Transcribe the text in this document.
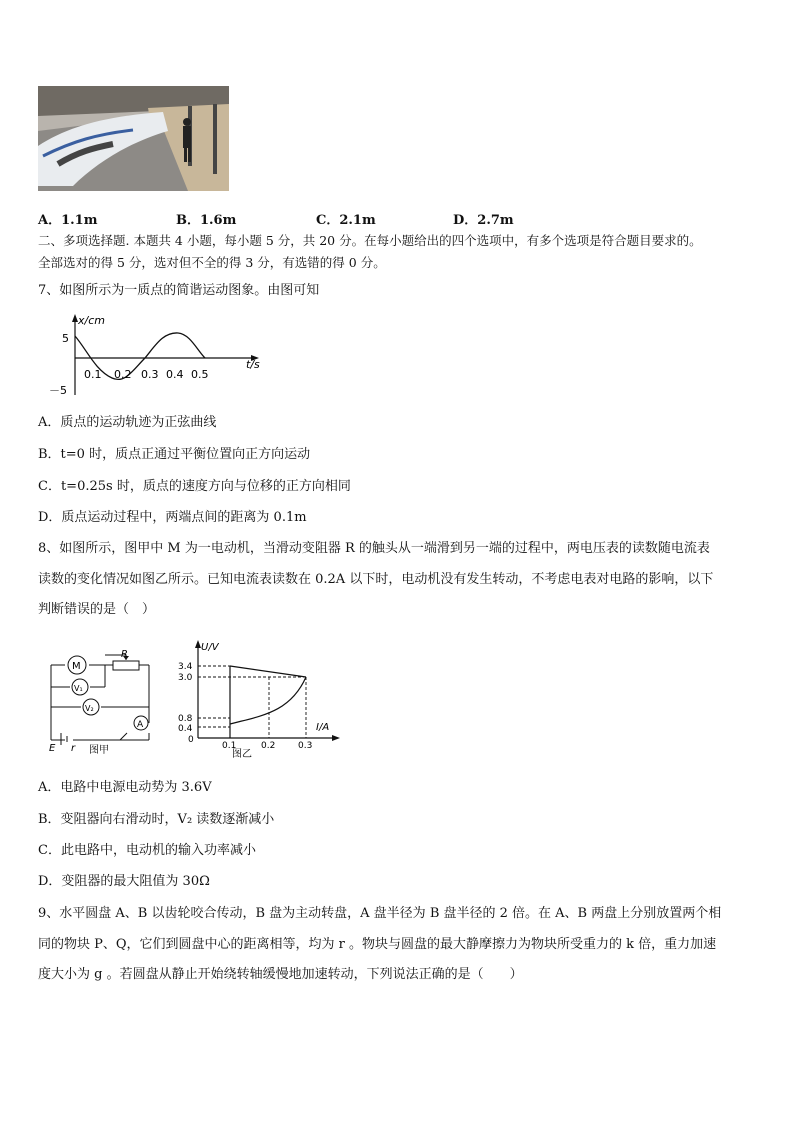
A．1.1m	B．1.6m	C．2.1m	D．2.7m
二、多项选择题. 本题共 4 小题，每小题 5 分，共 20 分。在每小题给出的四个选项中，有多个选项是符合题目要求的。
全部选对的得 5 分，选对但不全的得 3 分，有选错的得 0 分。
7、如图所示为一质点的简谐运动图象。由图可知
x/cm
t/s
5
－5
0.1 0.2 0.3 0.4 0.5
A．质点的运动轨迹为正弦曲线
B．t=0 时，质点正通过平衡位置向正方向运动
C．t=0.25s 时，质点的速度方向与位移的正方向相同
D．质点运动过程中，两端点间的距离为 0.1m
8、如图所示，图甲中 M 为一电动机，当滑动变阻器 R 的触头从一端滑到另一端的过程中，两电压表的读数随电流表
读数的变化情况如图乙所示。已知电流表读数在 0.2A 以下时，电动机没有发生转动，不考虑电表对电路的影响，以下
判断错误的是（　）
M
R
V₁
V₂
A
E r 图甲
U/V
I/A
3.4
3.0
0.8
0.4
0
0.1	0.2	0.3
图乙
A．电路中电源电动势为 3.6V
B．变阻器向右滑动时，V₂ 读数逐渐减小
C．此电路中，电动机的输入功率减小
D．变阻器的最大阻值为 30Ω
9、水平圆盘 A、B 以齿轮咬合传动，B 盘为主动转盘，A 盘半径为 B 盘半径的 2 倍。在 A、B 两盘上分别放置两个相
同的物块 P、Q，它们到圆盘中心的距离相等，均为 r 。物块与圆盘的最大静摩擦力为物块所受重力的 k 倍，重力加速
度大小为 g 。若圆盘从静止开始绕转轴缓慢地加速转动，下列说法正确的是（　　）
